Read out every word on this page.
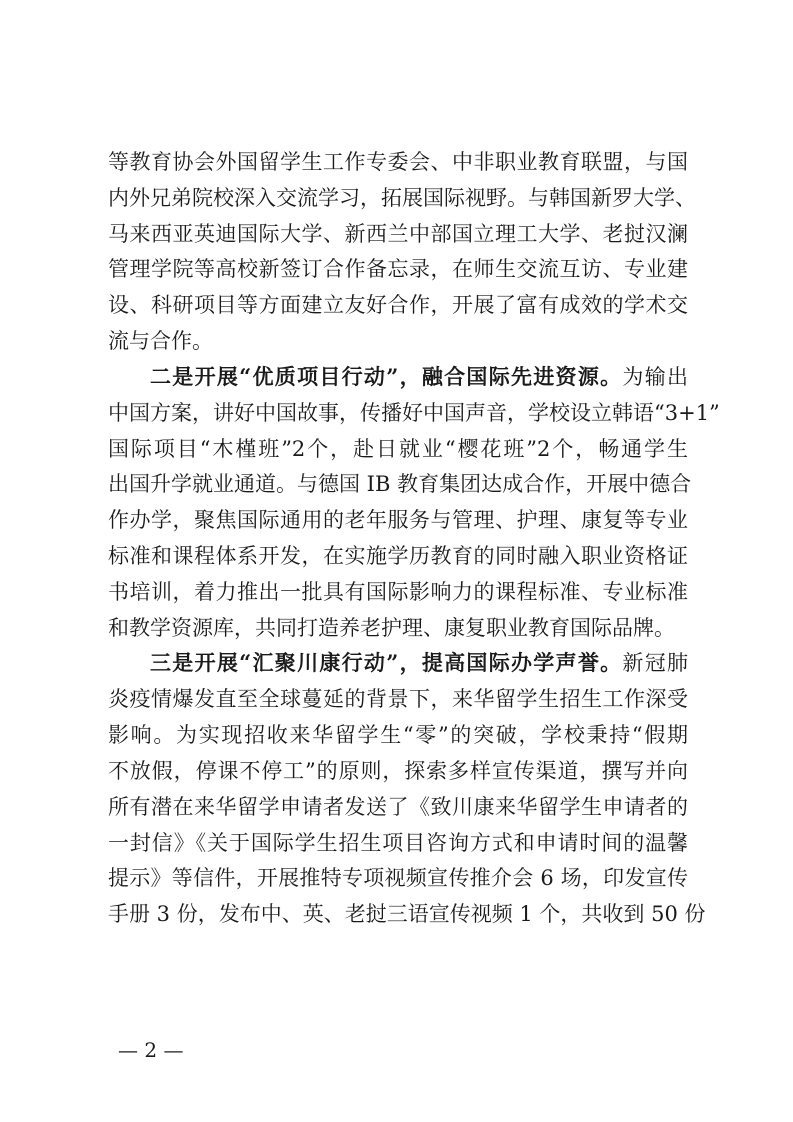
等教育协会外国留学生工作专委会、中非职业教育联盟，与国
内外兄弟院校深入交流学习，拓展国际视野。与韩国新罗大学、
马来西亚英迪国际大学、新西兰中部国立理工大学、老挝汉澜
管理学院等高校新签订合作备忘录，在师生交流互访、专业建
设、科研项目等方面建立友好合作，开展了富有成效的学术交
流与合作。
二是开展“优质项目行动”，融合国际先进资源。为输出
中国方案，讲好中国故事，传播好中国声音，学校设立韩语“3+1”
国际项目“木槿班”2个，赴日就业“樱花班”2个，畅通学生
出国升学就业通道。与德国 IB 教育集团达成合作，开展中德合
作办学，聚焦国际通用的老年服务与管理、护理、康复等专业
标准和课程体系开发，在实施学历教育的同时融入职业资格证
书培训，着力推出一批具有国际影响力的课程标准、专业标准
和教学资源库，共同打造养老护理、康复职业教育国际品牌。
三是开展“汇聚川康行动”，提高国际办学声誉。新冠肺
炎疫情爆发直至全球蔓延的背景下，来华留学生招生工作深受
影响。为实现招收来华留学生“零”的突破，学校秉持“假期
不放假，停课不停工”的原则，探索多样宣传渠道，撰写并向
所有潜在来华留学申请者发送了《致川康来华留学生申请者的
一封信》《关于国际学生招生项目咨询方式和申请时间的温馨
提示》等信件，开展推特专项视频宣传推介会 6 场，印发宣传
手册 3 份，发布中、英、老挝三语宣传视频 1 个，共收到 50 份
— 2 —
